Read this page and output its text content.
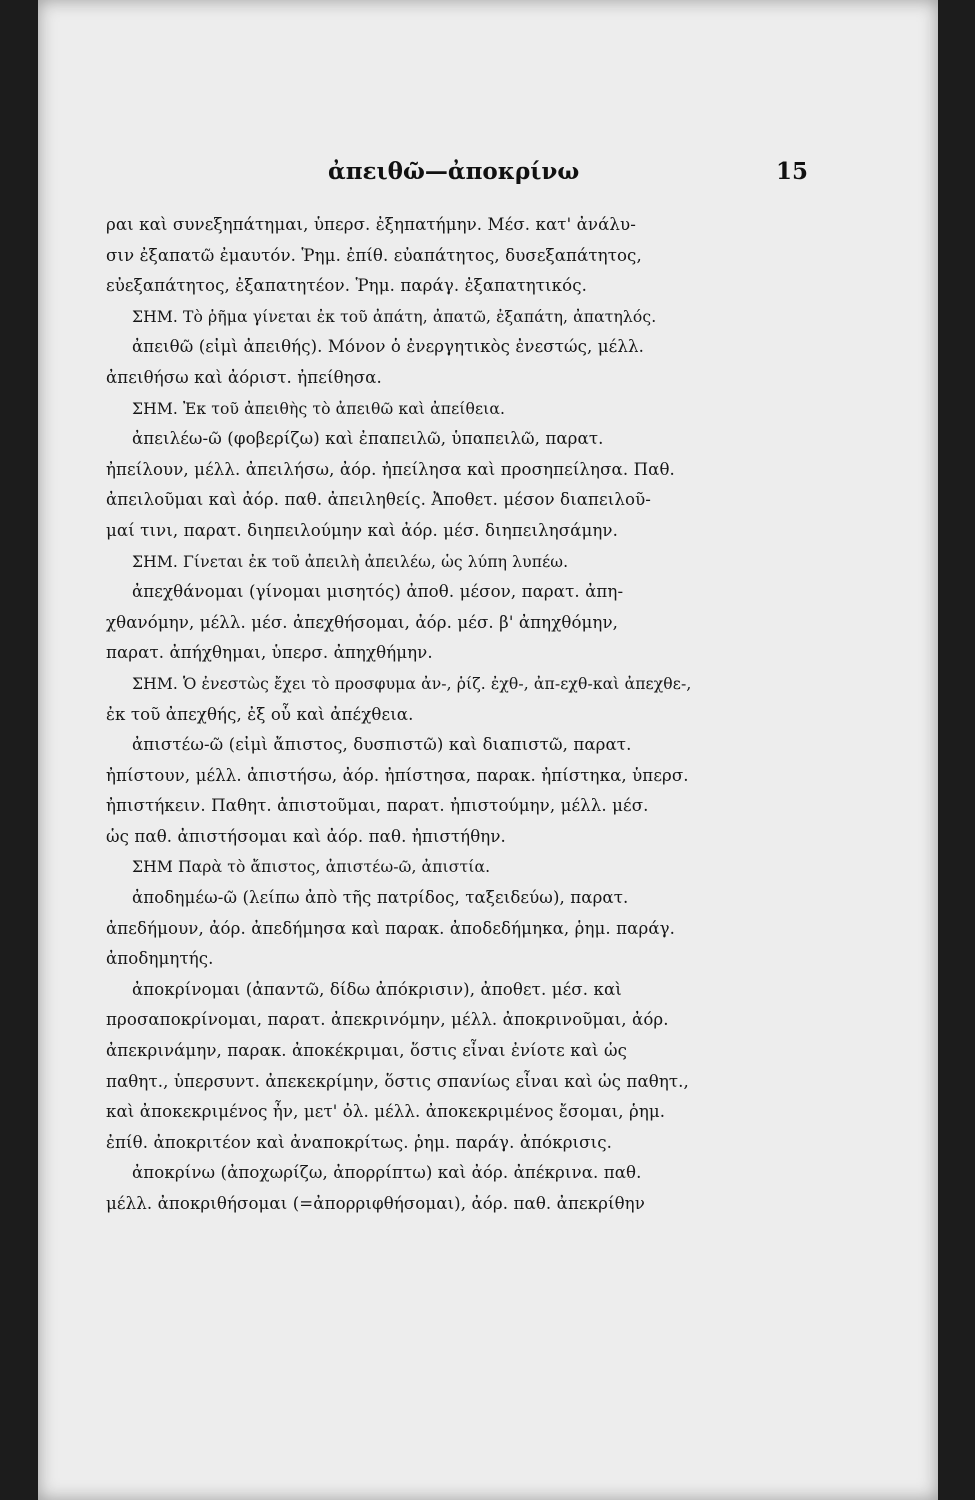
ἀπειθῶ—ἀποκρίνω	15
ραι καὶ συνεξηπάτημαι, ὑπερσ. ἐξηπατήμην. Μέσ. κατ' ἀνάλυ-
σιν ἐξαπατῶ ἐμαυτόν. Ῥημ. ἐπίθ. εὐαπάτητος, δυσεξαπάτητος,
εὐεξαπάτητος, ἐξαπατητέον. Ῥημ. παράγ. ἐξαπατητικός.
ΣΗΜ. Τὸ ῥῆμα γίνεται ἐκ τοῦ ἀπάτη, ἀπατῶ, ἐξαπάτη, ἀπατηλός.
ἀπειθῶ (εἰμὶ ἀπειθής). Μόνον ὁ ἐνεργητικὸς ἐνεστώς, μέλλ.
ἀπειθήσω καὶ ἀόριστ. ἠπείθησα.
ΣΗΜ. Ἐκ τοῦ ἀπειθὴς τὸ ἀπειθῶ καὶ ἀπείθεια.
ἀπειλέω-ῶ (φοβερίζω) καὶ ἐπαπειλῶ, ὑπαπειλῶ, παρατ.
ἠπείλουν, μέλλ. ἀπειλήσω, ἀόρ. ἠπείλησα καὶ προσηπείλησα. Παθ.
ἀπειλοῦμαι καὶ ἀόρ. παθ. ἀπειληθείς. Ἀποθετ. μέσον διαπειλοῦ-
μαί τινι, παρατ. διηπειλούμην καὶ ἀόρ. μέσ. διηπειλησάμην.
ΣΗΜ. Γίνεται ἐκ τοῦ ἀπειλὴ ἀπειλέω, ὡς λύπη λυπέω.
ἀπεχθάνομαι (γίνομαι μισητός) ἀποθ. μέσον, παρατ. ἀπη-
χθανόμην, μέλλ. μέσ. ἀπεχθήσομαι, ἀόρ. μέσ. β' ἀπηχθόμην,
παρατ. ἀπήχθημαι, ὑπερσ. ἀπηχθήμην.
ΣΗΜ. Ὁ ἐνεστὼς ἔχει τὸ προσφυμα ἀν-, ῥίζ. ἐχθ-, ἀπ-εχθ-καὶ ἀπεχθε-,
ἐκ τοῦ ἀπεχθής, ἐξ οὗ καὶ ἀπέχθεια.
ἀπιστέω-ῶ (εἰμὶ ἄπιστος, δυσπιστῶ) καὶ διαπιστῶ, παρατ.
ἠπίστουν, μέλλ. ἀπιστήσω, ἀόρ. ἠπίστησα, παρακ. ἠπίστηκα, ὑπερσ.
ἠπιστήκειν. Παθητ. ἀπιστοῦμαι, παρατ. ἠπιστούμην, μέλλ. μέσ.
ὡς παθ. ἀπιστήσομαι καὶ ἀόρ. παθ. ἠπιστήθην.
ΣΗΜ Παρὰ τὸ ἄπιστος, ἀπιστέω-ῶ, ἀπιστία.
ἀποδημέω-ῶ (λείπω ἀπὸ τῆς πατρίδος, ταξειδεύω), παρατ.
ἀπεδήμουν, ἀόρ. ἀπεδήμησα καὶ παρακ. ἀποδεδήμηκα, ῥημ. παράγ.
ἀποδημητής.
ἀποκρίνομαι (ἀπαντῶ, δίδω ἀπόκρισιν), ἀποθετ. μέσ. καὶ
προσαποκρίνομαι, παρατ. ἀπεκρινόμην, μέλλ. ἀποκρινοῦμαι, ἀόρ.
ἀπεκρινάμην, παρακ. ἀποκέκριμαι, ὅστις εἶναι ἐνίοτε καὶ ὡς
παθητ., ὑπερσυντ. ἀπεκεκρίμην, ὅστις σπανίως εἶναι καὶ ὡς παθητ.,
καὶ ἀποκεκριμένος ἦν, μετ' ὀλ. μέλλ. ἀποκεκριμένος ἔσομαι, ῥημ.
ἐπίθ. ἀποκριτέον καὶ ἀναποκρίτως. ῥημ. παράγ. ἀπόκρισις.
ἀποκρίνω (ἀποχωρίζω, ἀπορρίπτω) καὶ ἀόρ. ἀπέκρινα. παθ.
μέλλ. ἀποκριθήσομαι (=ἀπορριφθήσομαι), ἀόρ. παθ. ἀπεκρίθην
